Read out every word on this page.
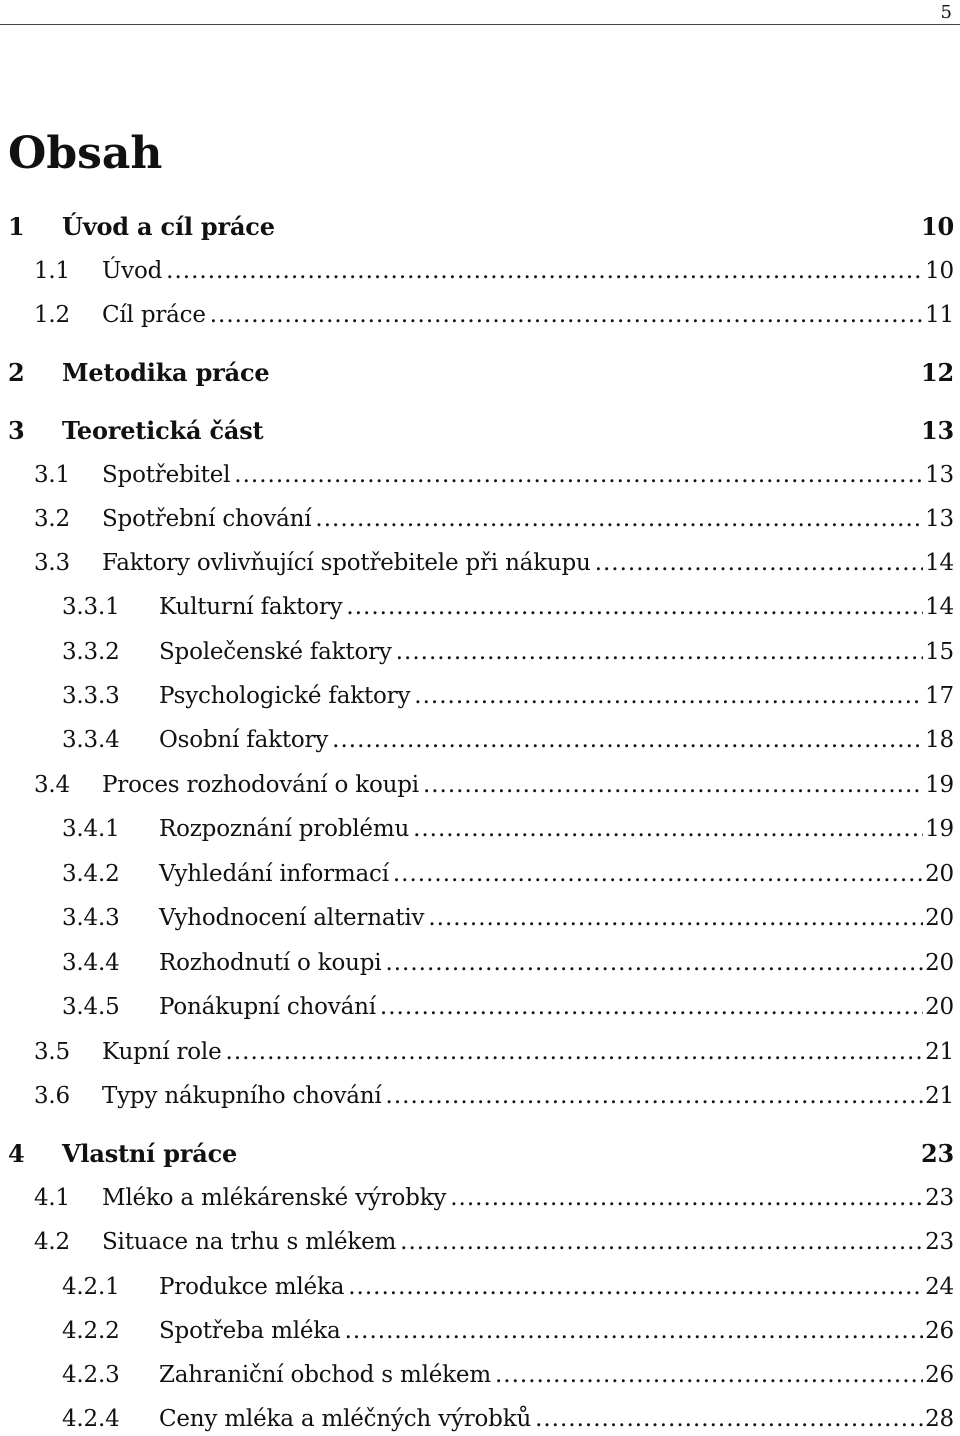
5
Obsah
1	Úvod a cíl práce	10
1.1	Úvod .....	10
1.2	Cíl práce .....	11
2	Metodika práce	12
3	Teoretická část	13
3.1	Spotřebitel .....	13
3.2	Spotřební chování .....	13
3.3	Faktory ovlivňující spotřebitele při nákupu .....	14
3.3.1	Kulturní faktory .....	14
3.3.2	Společenské faktory .....	15
3.3.3	Psychologické faktory .....	17
3.3.4	Osobní faktory .....	18
3.4	Proces rozhodování o koupi .....	19
3.4.1	Rozpoznání problému .....	19
3.4.2	Vyhledání informací .....	20
3.4.3	Vyhodnocení alternativ .....	20
3.4.4	Rozhodnutí o koupi .....	20
3.4.5	Ponákupní chování .....	20
3.5	Kupní role .....	21
3.6	Typy nákupního chování .....	21
4	Vlastní práce	23
4.1	Mléko a mlékárenské výrobky .....	23
4.2	Situace na trhu s mlékem .....	23
4.2.1	Produkce mléka .....	24
4.2.2	Spotřeba mléka .....	26
4.2.3	Zahraniční obchod s mlékem .....	26
4.2.4	Ceny mléka a mléčných výrobků .....	28
